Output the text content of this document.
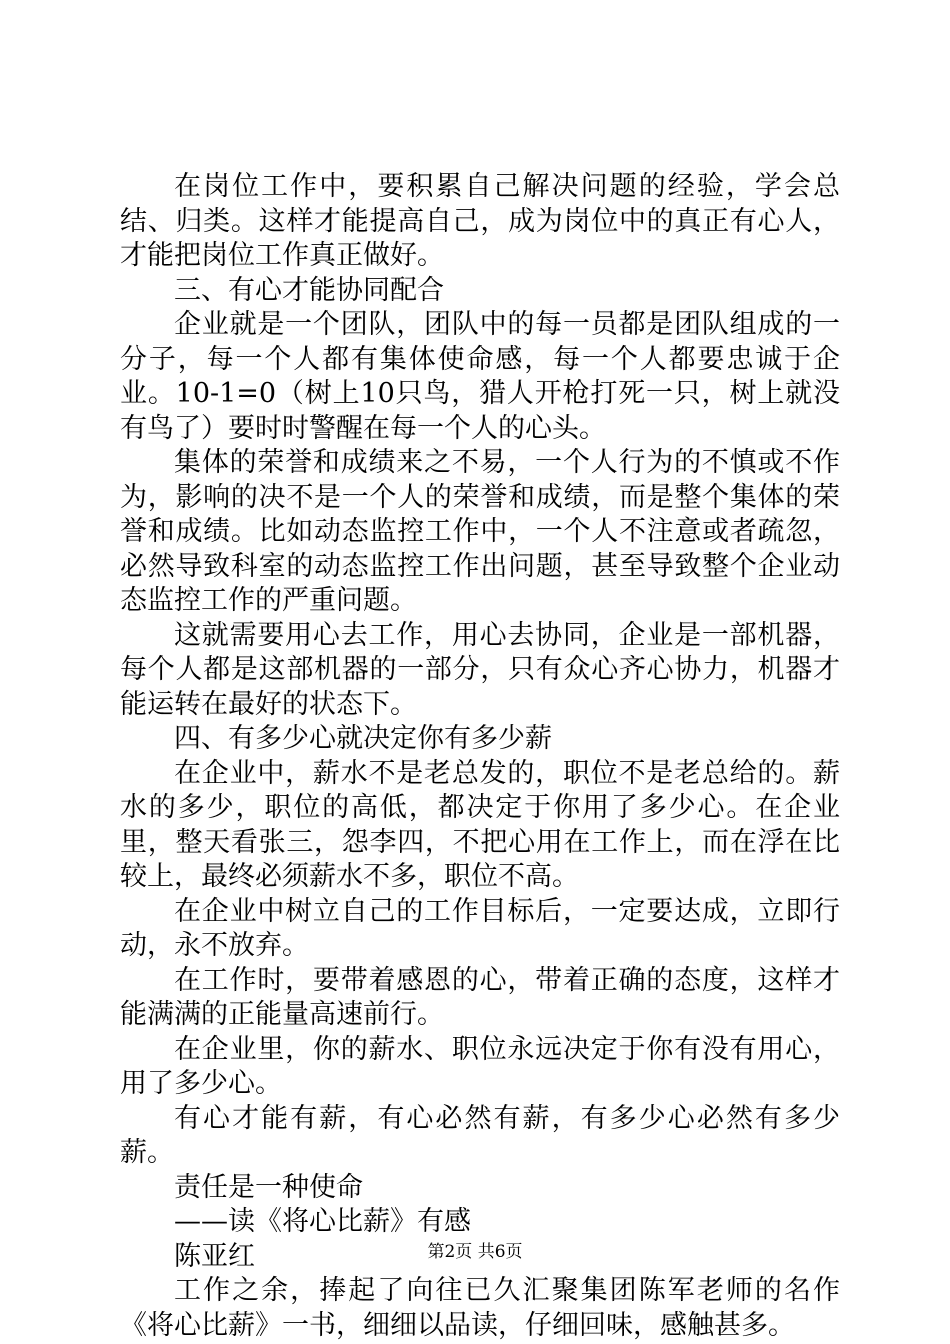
在岗位工作中，要积累自己解决问题的经验，学会总结、归类。这样才能提高自己，成为岗位中的真正有心人，才能把岗位工作真正做好。

三、有心才能协同配合

企业就是一个团队，团队中的每一员都是团队组成的一分子，每一个人都有集体使命感，每一个人都要忠诚于企业。10-1=0（树上10只鸟，猎人开枪打死一只，树上就没有鸟了）要时时警醒在每一个人的心头。

集体的荣誉和成绩来之不易，一个人行为的不慎或不作为，影响的决不是一个人的荣誉和成绩，而是整个集体的荣誉和成绩。比如动态监控工作中，一个人不注意或者疏忽，必然导致科室的动态监控工作出问题，甚至导致整个企业动态监控工作的严重问题。

这就需要用心去工作，用心去协同，企业是一部机器，每个人都是这部机器的一部分，只有众心齐心协力，机器才能运转在最好的状态下。

四、有多少心就决定你有多少薪

在企业中，薪水不是老总发的，职位不是老总给的。薪水的多少，职位的高低，都决定于你用了多少心。在企业里，整天看张三，怨李四，不把心用在工作上，而在浮在比较上，最终必须薪水不多，职位不高。

在企业中树立自己的工作目标后，一定要达成，立即行动，永不放弃。

在工作时，要带着感恩的心，带着正确的态度，这样才能满满的正能量高速前行。

在企业里，你的薪水、职位永远决定于你有没有用心，用了多少心。

有心才能有薪，有心必然有薪，有多少心必然有多少薪。

责任是一种使命

——读《将心比薪》有感

陈亚红

工作之余，捧起了向往已久汇聚集团陈军老师的名作《将心比薪》一书，细细以品读，仔细回味，感触甚多。

第2页 共6页
